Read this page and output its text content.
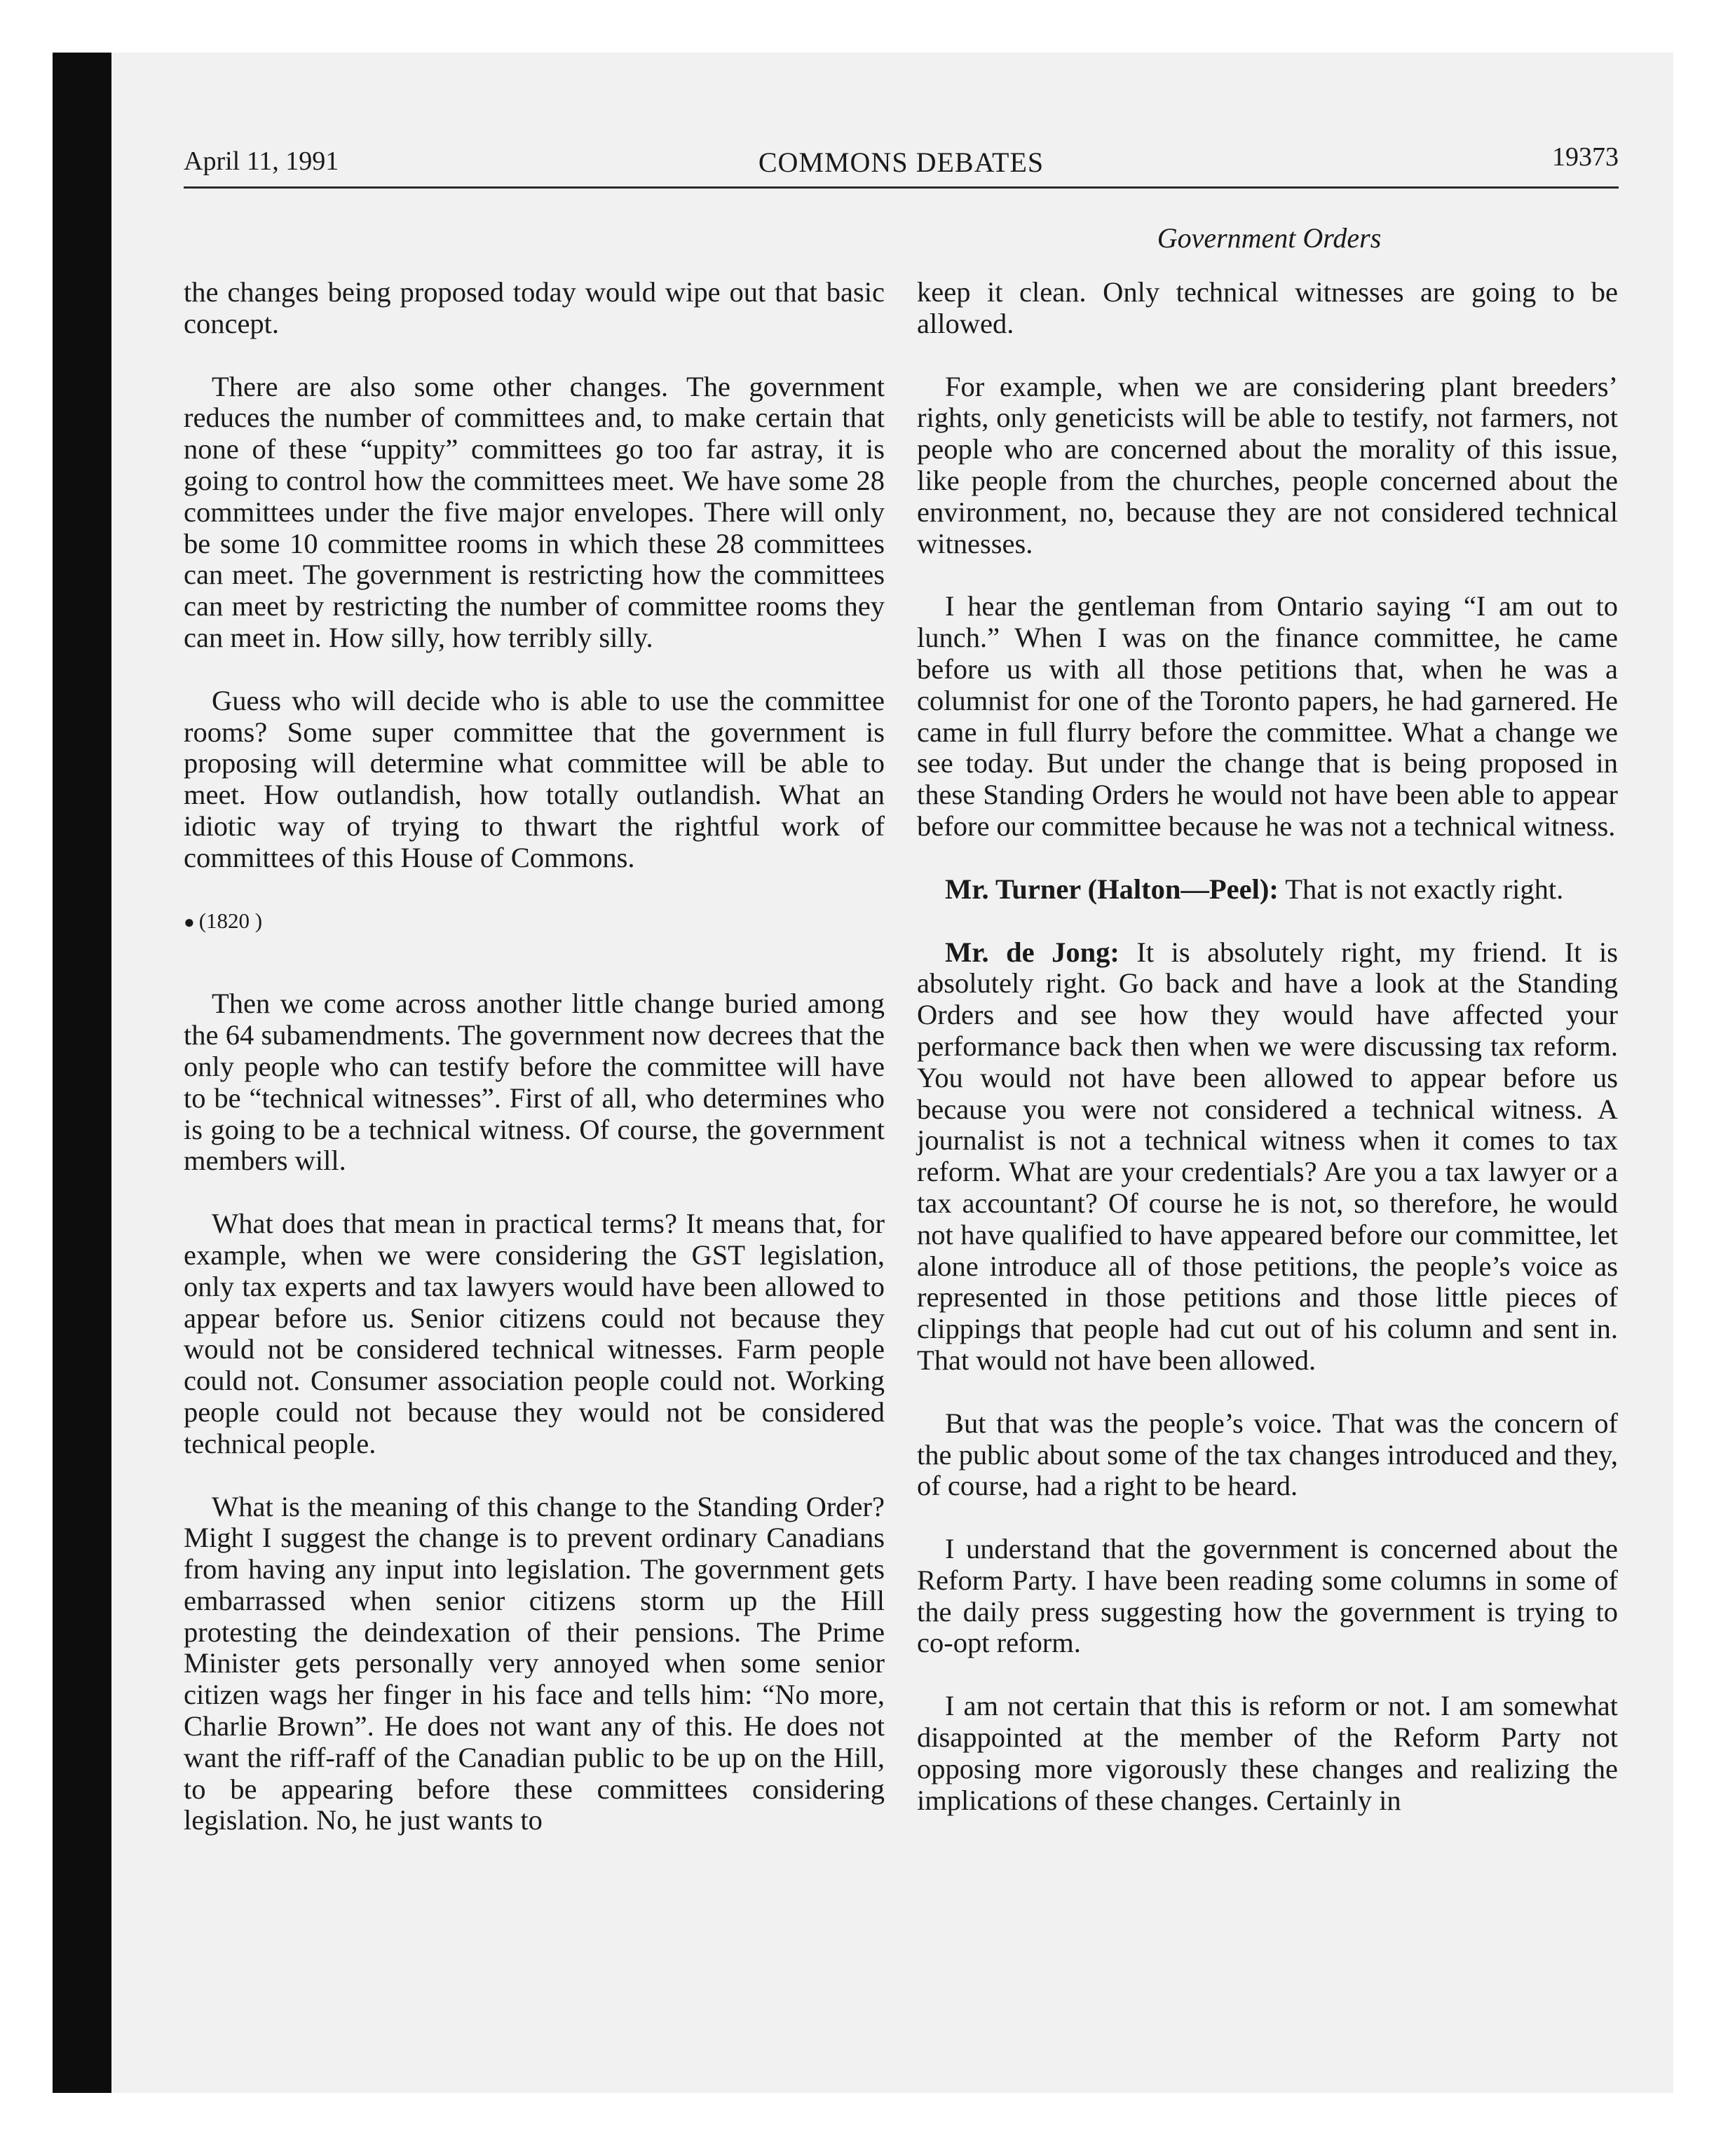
April 11, 1991	COMMONS DEBATES	19373
Government Orders

the changes being proposed today would wipe out that basic concept.

There are also some other changes. The government reduces the number of committees and, to make certain that none of these “uppity” committees go too far astray, it is going to control how the committees meet. We have some 28 committees under the five major envelopes. There will only be some 10 committee rooms in which these 28 committees can meet. The government is restricting how the committees can meet by restricting the number of committee rooms they can meet in. How silly, how terribly silly.

Guess who will decide who is able to use the committee rooms? Some super committee that the government is proposing will determine what committee will be able to meet. How outlandish, how totally outlandish. What an idiotic way of trying to thwart the rightful work of committees of this House of Commons.

● (1820 )

Then we come across another little change buried among the 64 subamendments. The government now decrees that the only people who can testify before the committee will have to be “technical witnesses”. First of all, who determines who is going to be a technical witness. Of course, the government members will.

What does that mean in practical terms? It means that, for example, when we were considering the GST legislation, only tax experts and tax lawyers would have been allowed to appear before us. Senior citizens could not because they would not be considered technical witnesses. Farm people could not. Consumer association people could not. Working people could not because they would not be considered technical people.

What is the meaning of this change to the Standing Order? Might I suggest the change is to prevent ordinary Canadians from having any input into legislation. The government gets embarrassed when senior citizens storm up the Hill protesting the deindexation of their pensions. The Prime Minister gets personally very annoyed when some senior citizen wags her finger in his face and tells him: “No more, Charlie Brown”. He does not want any of this. He does not want the riff-raff of the Canadian public to be up on the Hill, to be appearing before these committees considering legislation. No, he just wants to

keep it clean. Only technical witnesses are going to be allowed.

For example, when we are considering plant breeders’ rights, only geneticists will be able to testify, not farmers, not people who are concerned about the morality of this issue, like people from the churches, people concerned about the environment, no, because they are not considered technical witnesses.

I hear the gentleman from Ontario saying “I am out to lunch.” When I was on the finance committee, he came before us with all those petitions that, when he was a columnist for one of the Toronto papers, he had garnered. He came in full flurry before the committee. What a change we see today. But under the change that is being proposed in these Standing Orders he would not have been able to appear before our committee because he was not a technical witness.

Mr. Turner (Halton—Peel): That is not exactly right.

Mr. de Jong: It is absolutely right, my friend. It is absolutely right. Go back and have a look at the Standing Orders and see how they would have affected your performance back then when we were discussing tax reform. You would not have been allowed to appear before us because you were not considered a technical witness. A journalist is not a technical witness when it comes to tax reform. What are your credentials? Are you a tax lawyer or a tax accountant? Of course he is not, so therefore, he would not have qualified to have appeared before our committee, let alone introduce all of those petitions, the people’s voice as represented in those petitions and those little pieces of clippings that people had cut out of his column and sent in. That would not have been allowed.

But that was the people’s voice. That was the concern of the public about some of the tax changes introduced and they, of course, had a right to be heard.

I understand that the government is concerned about the Reform Party. I have been reading some columns in some of the daily press suggesting how the government is trying to co-opt reform.

I am not certain that this is reform or not. I am somewhat disappointed at the member of the Reform Party not opposing more vigorously these changes and realizing the implications of these changes. Certainly in
